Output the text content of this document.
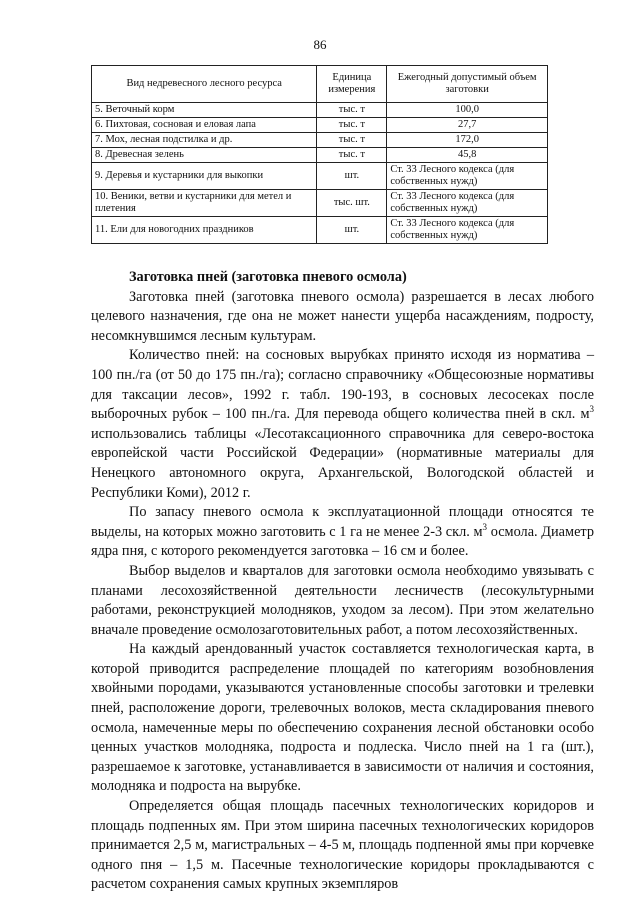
86
Вид недревесного лесного ресурса	Единица измерения	Ежегодный допустимый объем заготовки
5. Веточный корм	тыс. т	100,0
6. Пихтовая, сосновая и еловая лапа	тыс. т	27,7
7. Мох, лесная подстилка и др.	тыс. т	172,0
8. Древесная зелень	тыс. т	45,8
9. Деревья и кустарники для выкопки	шт.	Ст. 33 Лесного кодекса (для собственных нужд)
10. Веники, ветви и кустарники для метел и плетения	тыс. шт.	Ст. 33 Лесного кодекса (для собственных нужд)
11. Ели для новогодних праздников	шт.	Ст. 33 Лесного кодекса (для собственных нужд)

Заготовка пней (заготовка пневого осмола)

Заготовка пней (заготовка пневого осмола) разрешается в лесах любого целевого назначения, где она не может нанести ущерба насаждениям, подросту, несомкнувшимся лесным культурам.

Количество пней: на сосновых вырубках принято исходя из норматива – 100 пн./га (от 50 до 175 пн./га); согласно справочнику «Общесоюзные нормативы для таксации лесов», 1992 г. табл. 190-193, в сосновых лесосеках после выборочных рубок – 100 пн./га. Для перевода общего количества пней в скл. $м^3$ использовались таблицы «Лесотаксационного справочника для северо-востока европейской части Российской Федерации» (нормативные материалы для Ненецкого автономного округа, Архангельской, Вологодской областей и Республики Коми), 2012 г.

По запасу пневого осмола к эксплуатационной площади относятся те выделы, на которых можно заготовить с 1 га не менее 2-3 скл. $м^3$ осмола. Диаметр ядра пня, с которого рекомендуется заготовка – 16 см и более.

Выбор выделов и кварталов для заготовки осмола необходимо увязывать с планами лесохозяйственной деятельности лесничеств (лесокультурными работами, реконструкцией молодняков, уходом за лесом). При этом желательно вначале проведение осмолозаготовительных работ, а потом лесохозяйственных.

На каждый арендованный участок составляется технологическая карта, в которой приводится распределение площадей по категориям возобновления хвойными породами, указываются установленные способы заготовки и трелевки пней, расположение дороги, трелевочных волоков, места складирования пневого осмола, намеченные меры по обеспечению сохранения лесной обстановки особо ценных участков молодняка, подроста и подлеска. Число пней на 1 га (шт.), разрешаемое к заготовке, устанавливается в зависимости от наличия и состояния, молодняка и подроста на вырубке.

Определяется общая площадь пасечных технологических коридоров и площадь подпенных ям. При этом ширина пасечных технологических коридоров принимается 2,5 м, магистральных – 4-5 м, площадь подпенной ямы при корчевке одного пня – 1,5 м. Пасечные технологические коридоры прокладываются с расчетом сохранения самых крупных экземпляров
